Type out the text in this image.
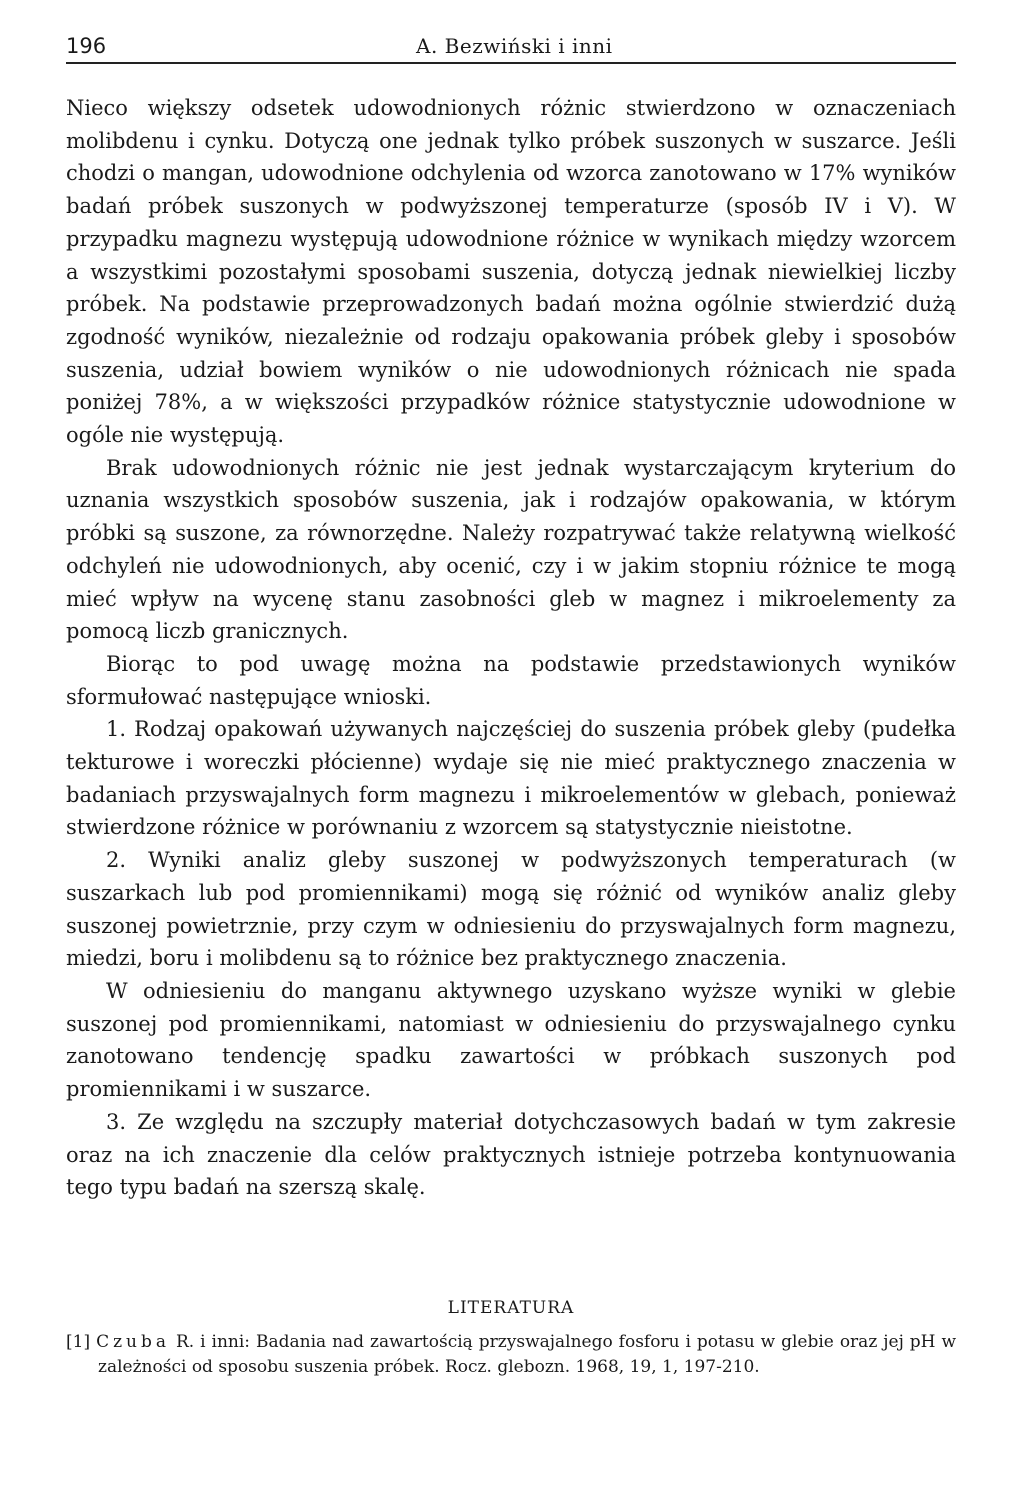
196	A. Bezwiński i inni

Nieco większy odsetek udowodnionych różnic stwierdzono w oznaczeniach molibdenu i cynku. Dotyczą one jednak tylko próbek suszonych w suszarce. Jeśli chodzi o mangan, udowodnione odchylenia od wzorca zanotowano w 17%⁠ wyników badań próbek suszonych w podwyższonej temperaturze (sposób IV i V). W przypadku magnezu występują udowodnione różnice w wynikach między wzorcem a wszystkimi pozostałymi sposobami suszenia, dotyczą jednak niewielkiej liczby próbek. Na podstawie przeprowadzonych badań można ogólnie stwierdzić dużą zgodność wyników, niezależnie od rodzaju opakowania próbek gleby i sposobów suszenia, udział bowiem wyników o nie udowodnionych różnicach nie spada poniżej 78%, a w większości przypadków różnice statystycznie udowodnione w ogóle nie występują.

Brak udowodnionych różnic nie jest jednak wystarczającym kryterium do uznania wszystkich sposobów suszenia, jak i rodzajów opakowania, w którym próbki są suszone, za równorzędne. Należy rozpatrywać także relatywną wielkość odchyleń nie udowodnionych, aby ocenić, czy i w jakim stopniu różnice te mogą mieć wpływ na wycenę stanu zasobności gleb w magnez i mikroelementy za pomocą liczb granicznych.

Biorąc to pod uwagę można na podstawie przedstawionych wyników sformułować następujące wnioski.

1. Rodzaj opakowań używanych najczęściej do suszenia próbek gleby (pudełka tekturowe i woreczki płócienne) wydaje się nie mieć praktycznego znaczenia w badaniach przyswajalnych form magnezu i mikroelementów w glebach, ponieważ stwierdzone różnice w porównaniu z wzorcem są statystycznie nieistotne.

2. Wyniki analiz gleby suszonej w podwyższonych temperaturach (w suszarkach lub pod promiennikami) mogą się różnić od wyników analiz gleby suszonej powietrznie, przy czym w odniesieniu do przyswajalnych form magnezu, miedzi, boru i molibdenu są to różnice bez praktycznego znaczenia.

W odniesieniu do manganu aktywnego uzyskano wyższe wyniki w glebie suszonej pod promiennikami, natomiast w odniesieniu do przyswajalnego cynku zanotowano tendencję spadku zawartości w próbkach suszonych pod promiennikami i w suszarce.

3. Ze względu na szczupły materiał dotychczasowych badań w tym zakresie oraz na ich znaczenie dla celów praktycznych istnieje potrzeba kontynuowania tego typu badań na szerszą skalę.

LITERATURA
[1] Czuba R. i inni: Badania nad zawartością przyswajalnego fosforu i potasu w glebie oraz jej pH w zależności od sposobu suszenia próbek. Rocz. glebozn. 1968, 19, 1, 197-210.
